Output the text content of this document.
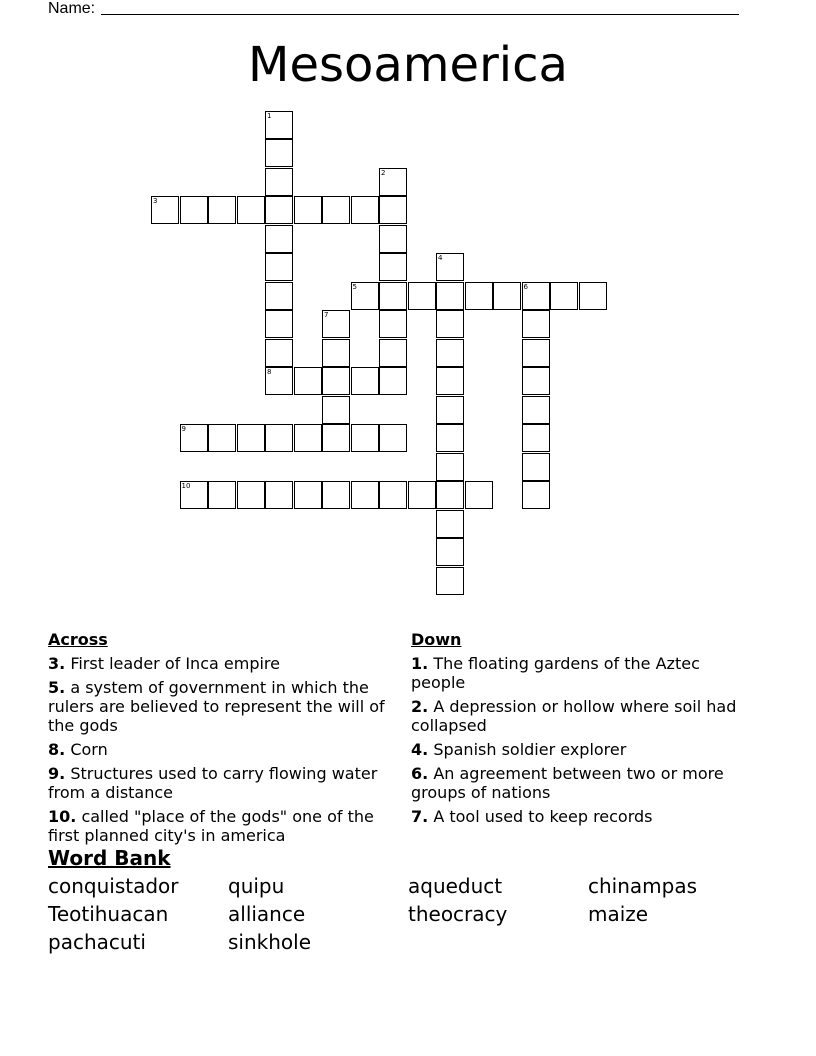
Name:
Mesoamerica
3
5	6
8
9
10
1
2
4
7
Across
3. First leader of Inca empire
5. a system of government in which the rulers are believed to represent the will of the gods
8. Corn
9. Structures used to carry flowing water from a distance
10. called "place of the gods" one of the first planned city's in america
Down
1. The floating gardens of the Aztec people
2. A depression or hollow where soil had collapsed
4. Spanish soldier explorer
6. An agreement between two or more groups of nations
7. A tool used to keep records
Word Bank
conquistador	quipu	aqueduct	chinampas
Teotihuacan	alliance	theocracy	maize
pachacuti	sinkhole
